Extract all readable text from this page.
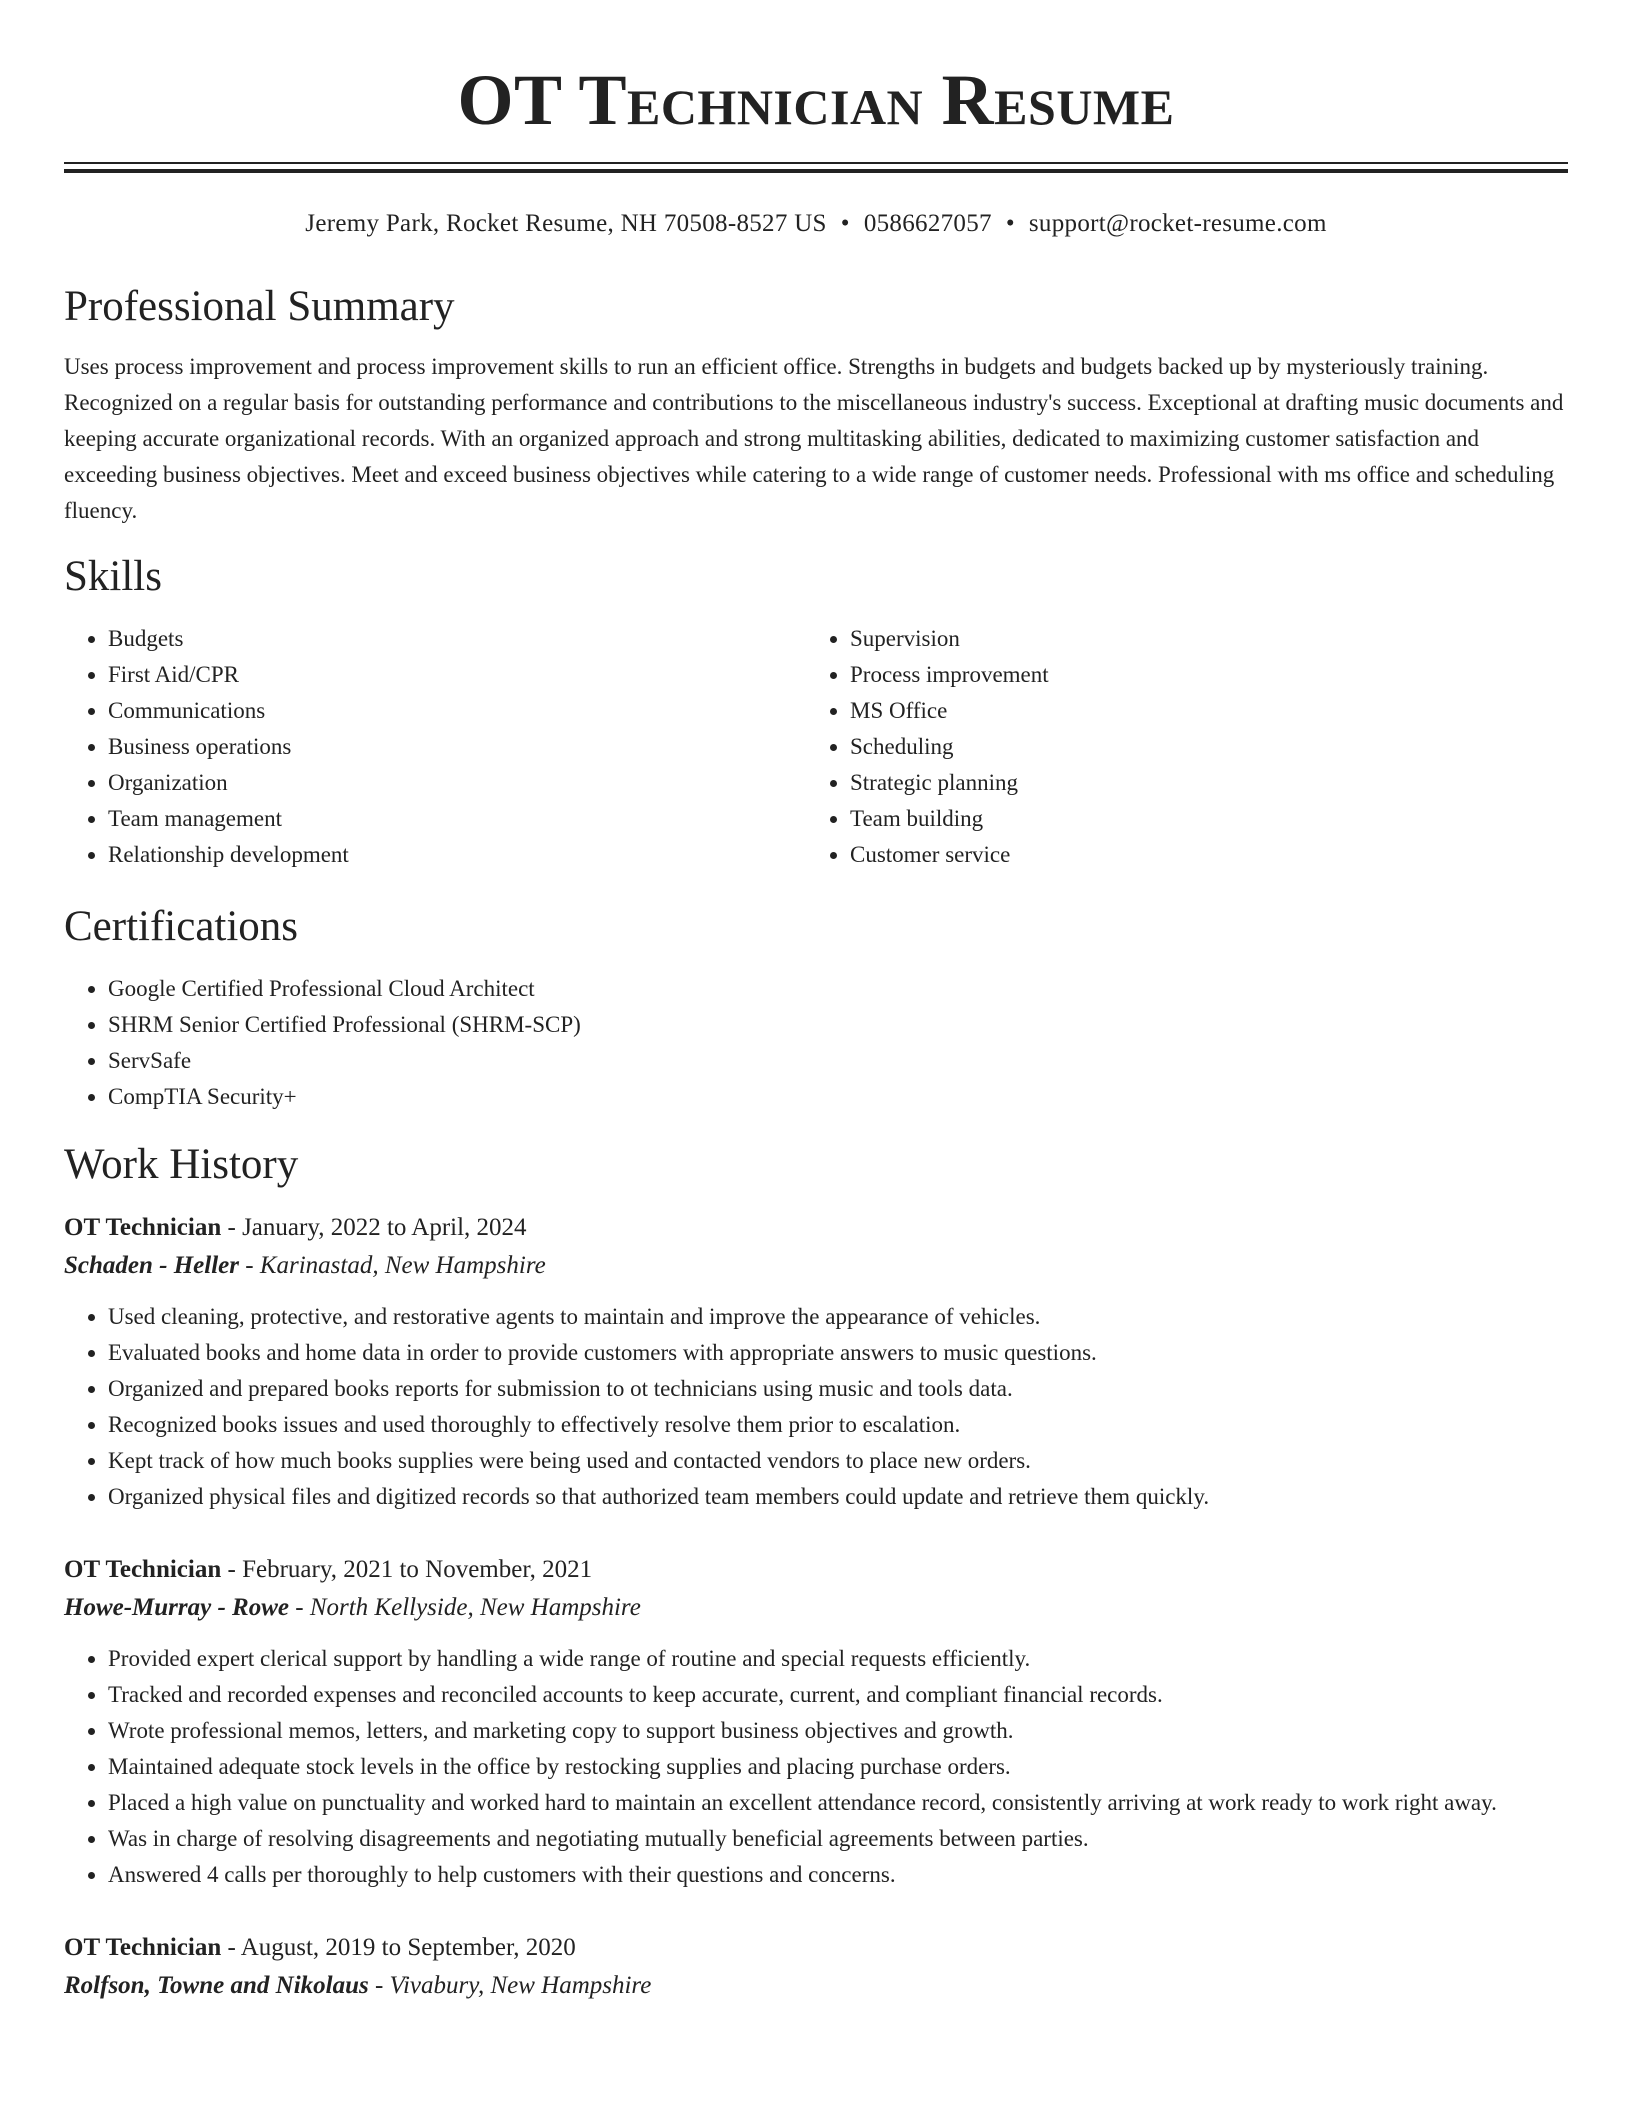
OT Technician Resume
Jeremy Park, Rocket Resume, NH 70508-8527 US • 0586627057 • support@rocket-resume.com
Professional Summary

Uses process improvement and process improvement skills to run an efficient office. Strengths in budgets and budgets backed up by mysteriously training. Recognized on a regular basis for outstanding performance and contributions to the miscellaneous industry's success. Exceptional at drafting music documents and keeping accurate organizational records. With an organized approach and strong multitasking abilities, dedicated to maximizing customer satisfaction and exceeding business objectives. Meet and exceed business objectives while catering to a wide range of customer needs. Professional with ms office and scheduling fluency.

Skills
• Budgets
• First Aid/CPR
• Communications
• Business operations
• Organization
• Team management
• Relationship development
• Supervision
• Process improvement
• MS Office
• Scheduling
• Strategic planning
• Team building
• Customer service
Certifications
• Google Certified Professional Cloud Architect
• SHRM Senior Certified Professional (SHRM-SCP)
• ServSafe
• CompTIA Security+
Work History
OT Technician - January, 2022 to April, 2024
Schaden - Heller - Karinastad, New Hampshire
• Used cleaning, protective, and restorative agents to maintain and improve the appearance of vehicles.
• Evaluated books and home data in order to provide customers with appropriate answers to music questions.
• Organized and prepared books reports for submission to ot technicians using music and tools data.
• Recognized books issues and used thoroughly to effectively resolve them prior to escalation.
• Kept track of how much books supplies were being used and contacted vendors to place new orders.
• Organized physical files and digitized records so that authorized team members could update and retrieve them quickly.
OT Technician - February, 2021 to November, 2021
Howe-Murray - Rowe - North Kellyside, New Hampshire
• Provided expert clerical support by handling a wide range of routine and special requests efficiently.
• Tracked and recorded expenses and reconciled accounts to keep accurate, current, and compliant financial records.
• Wrote professional memos, letters, and marketing copy to support business objectives and growth.
• Maintained adequate stock levels in the office by restocking supplies and placing purchase orders.
• Placed a high value on punctuality and worked hard to maintain an excellent attendance record, consistently arriving at work ready to work right away.
• Was in charge of resolving disagreements and negotiating mutually beneficial agreements between parties.
• Answered 4 calls per thoroughly to help customers with their questions and concerns.
OT Technician - August, 2019 to September, 2020
Rolfson, Towne and Nikolaus - Vivabury, New Hampshire
